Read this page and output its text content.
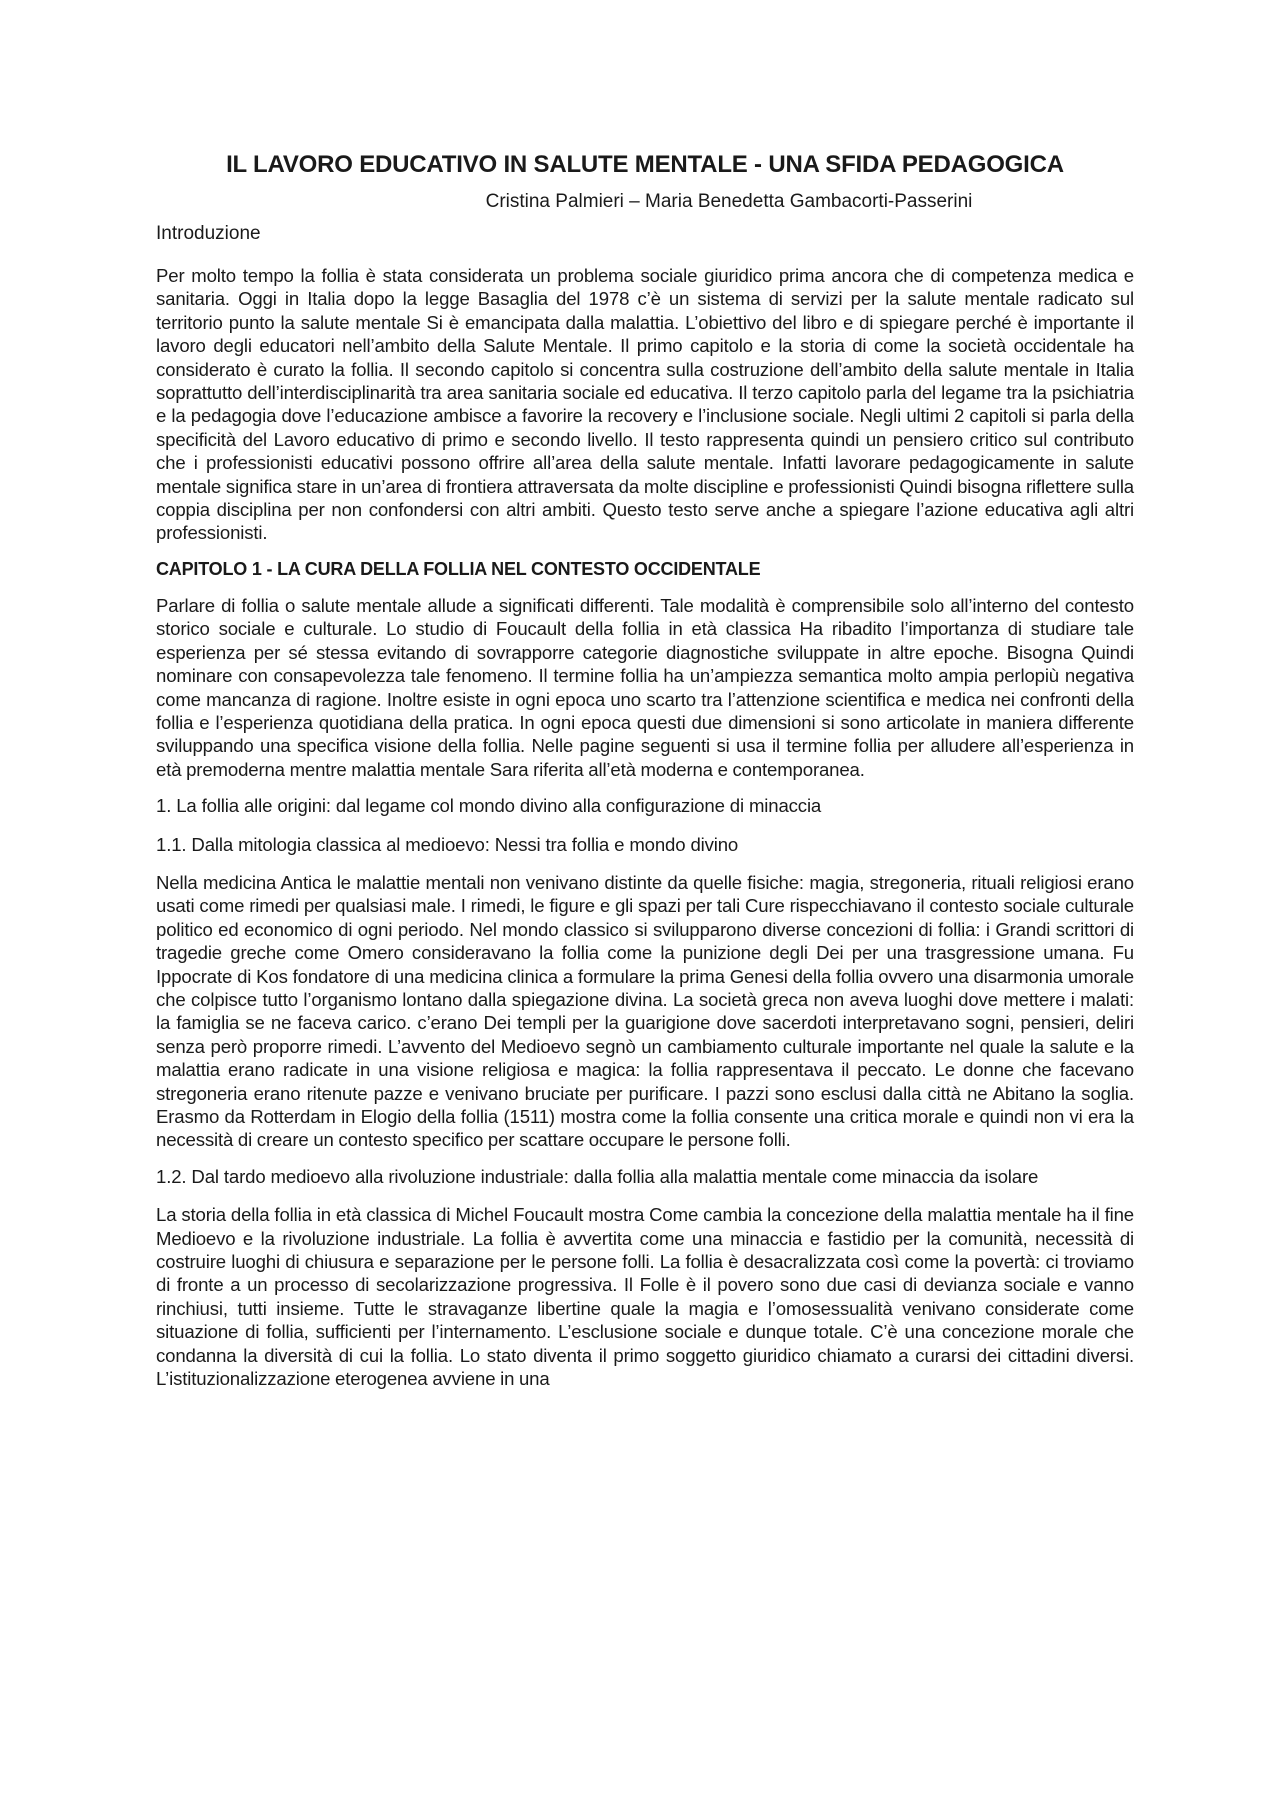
IL LAVORO EDUCATIVO IN SALUTE MENTALE - UNA SFIDA PEDAGOGICA
Cristina Palmieri – Maria Benedetta Gambacorti-Passerini
Introduzione

Per molto tempo la follia è stata considerata un problema sociale giuridico prima ancora che di competenza medica e sanitaria. Oggi in Italia dopo la legge Basaglia del 1978 c’è un sistema di servizi per la salute mentale radicato sul territorio punto la salute mentale Si è emancipata dalla malattia. L’obiettivo del libro e di spiegare perché è importante il lavoro degli educatori nell’ambito della Salute Mentale. Il primo capitolo e la storia di come la società occidentale ha considerato è curato la follia. Il secondo capitolo si concentra sulla costruzione dell’ambito della salute mentale in Italia soprattutto dell’interdisciplinarità tra area sanitaria sociale ed educativa. Il terzo capitolo parla del legame tra la psichiatria e la pedagogia dove l’educazione ambisce a favorire la recovery e l’inclusione sociale. Negli ultimi 2 capitoli si parla della specificità del Lavoro educativo di primo e secondo livello. Il testo rappresenta quindi un pensiero critico sul contributo che i professionisti educativi possono offrire all’area della salute mentale. Infatti lavorare pedagogicamente in salute mentale significa stare in un’area di frontiera attraversata da molte discipline e professionisti Quindi bisogna riflettere sulla coppia disciplina per non confondersi con altri ambiti. Questo testo serve anche a spiegare l’azione educativa agli altri professionisti.

CAPITOLO 1 - LA CURA DELLA FOLLIA NEL CONTESTO OCCIDENTALE

Parlare di follia o salute mentale allude a significati differenti. Tale modalità è comprensibile solo all’interno del contesto storico sociale e culturale. Lo studio di Foucault della follia in età classica Ha ribadito l’importanza di studiare tale esperienza per sé stessa evitando di sovrapporre categorie diagnostiche sviluppate in altre epoche. Bisogna Quindi nominare con consapevolezza tale fenomeno. Il termine follia ha un’ampiezza semantica molto ampia perlopiù negativa come mancanza di ragione. Inoltre esiste in ogni epoca uno scarto tra l’attenzione scientifica e medica nei confronti della follia e l’esperienza quotidiana della pratica. In ogni epoca questi due dimensioni si sono articolate in maniera differente sviluppando una specifica visione della follia. Nelle pagine seguenti si usa il termine follia per alludere all’esperienza in età premoderna mentre malattia mentale Sara riferita all’età moderna e contemporanea.

1. La follia alle origini: dal legame col mondo divino alla configurazione di minaccia
1.1. Dalla mitologia classica al medioevo: Nessi tra follia e mondo divino

Nella medicina Antica le malattie mentali non venivano distinte da quelle fisiche: magia, stregoneria, rituali religiosi erano usati come rimedi per qualsiasi male. I rimedi, le figure e gli spazi per tali Cure rispecchiavano il contesto sociale culturale politico ed economico di ogni periodo. Nel mondo classico si svilupparono diverse concezioni di follia: i Grandi scrittori di tragedie greche come Omero consideravano la follia come la punizione degli Dei per una trasgressione umana. Fu Ippocrate di Kos fondatore di una medicina clinica a formulare la prima Genesi della follia ovvero una disarmonia umorale che colpisce tutto l’organismo lontano dalla spiegazione divina. La società greca non aveva luoghi dove mettere i malati: la famiglia se ne faceva carico. c’erano Dei templi per la guarigione dove sacerdoti interpretavano sogni, pensieri, deliri senza però proporre rimedi. L’avvento del Medioevo segnò un cambiamento culturale importante nel quale la salute e la malattia erano radicate in una visione religiosa e magica: la follia rappresentava il peccato. Le donne che facevano stregoneria erano ritenute pazze e venivano bruciate per purificare. I pazzi sono esclusi dalla città ne Abitano la soglia. Erasmo da Rotterdam in Elogio della follia (1511) mostra come la follia consente una critica morale e quindi non vi era la necessità di creare un contesto specifico per scattare occupare le persone folli.

1.2. Dal tardo medioevo alla rivoluzione industriale: dalla follia alla malattia mentale come minaccia da isolare

La storia della follia in età classica di Michel Foucault mostra Come cambia la concezione della malattia mentale ha il fine Medioevo e la rivoluzione industriale. La follia è avvertita come una minaccia e fastidio per la comunità, necessità di costruire luoghi di chiusura e separazione per le persone folli. La follia è desacralizzata così come la povertà: ci troviamo di fronte a un processo di secolarizzazione progressiva. Il Folle è il povero sono due casi di devianza sociale e vanno rinchiusi, tutti insieme. Tutte le stravaganze libertine quale la magia e l’omosessualità venivano considerate come situazione di follia, sufficienti per l’internamento. L’esclusione sociale e dunque totale. C’è una concezione morale che condanna la diversità di cui la follia. Lo stato diventa il primo soggetto giuridico chiamato a curarsi dei cittadini diversi. L’istituzionalizzazione eterogenea avviene in una
